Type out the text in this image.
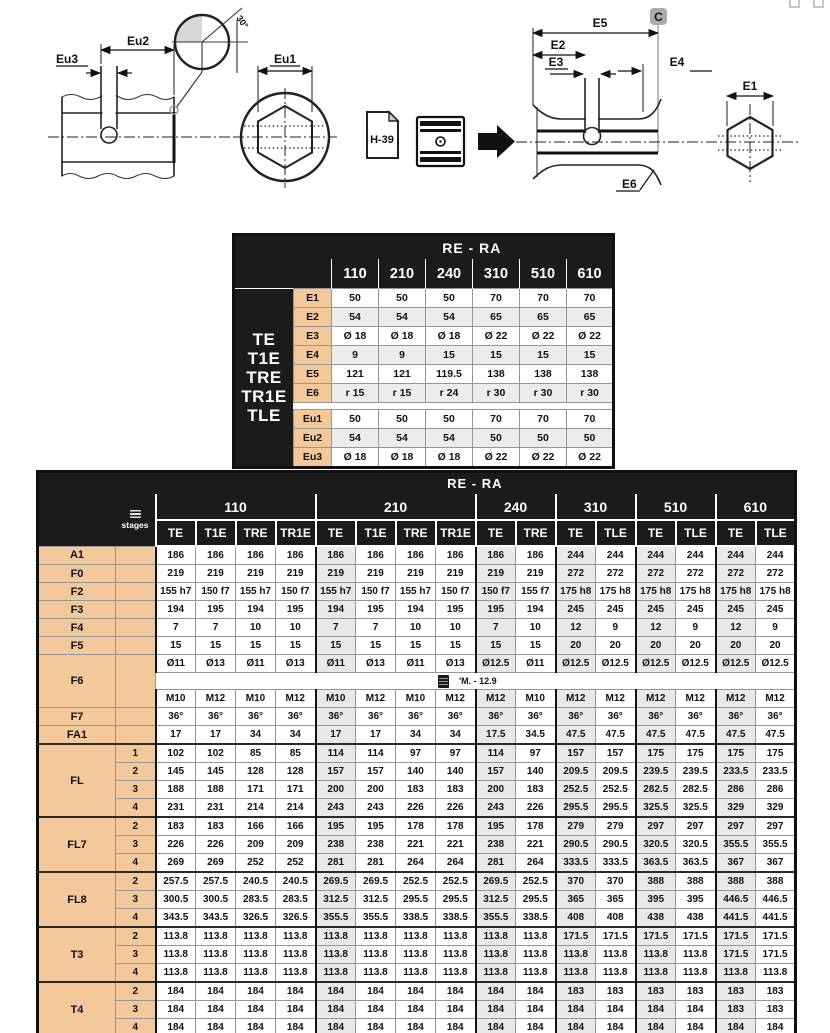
Eu2
Eu3
30°
Eu1
H-39
C
E5
E2
E3	E4
E6
E1
		RE - RA					
		110	210	240	310	510	610

TE
T1E
TRE
TR1E
TLE	E1	50	50	50	70	70	70
	E2	54	54	54	65	65	65
	E3	Ø 18	Ø 18	Ø 18	Ø 22	Ø 22	Ø 22
	E4	9	9	15	15	15	15
	E5	121	121	119.5	138	138	138
	E6	r 15	r 15	r 24	r 30	r 30	r 30

	Eu1	50	50	50	70	70	70
	Eu2	54	54	54	50	50	50
	Eu3	Ø 18	Ø 18	Ø 18	Ø 22	Ø 22	Ø 22
		RE - RA															

stages	110				210				240		310		510		610	
		TE	T1E	TRE	TR1E	TE	T1E	TRE	TR1E	TE	TRE	TE	TLE	TE	TLE	TE	TLE
A1		186	186	186	186	186	186	186	186	186	186	244	244	244	244	244	244
F0		219	219	219	219	219	219	219	219	219	219	272	272	272	272	272	272
F2		155 h7	150 f7	155 h7	150 f7	155 h7	150 f7	155 h7	150 f7	150 f7	155 f7	175 h8	175 h8	175 h8	175 h8	175 h8	175 h8
F3		194	195	194	195	194	195	194	195	195	194	245	245	245	245	245	245
F4		7	7	10	10	7	7	10	10	7	10	12	9	12	9	12	9
F5		15	15	15	15	15	15	15	15	15	15	20	20	20	20	20	20
F6		Ø11	Ø13	Ø11	Ø13	Ø11	Ø13	Ø11	Ø13	Ø12.5	Ø11	Ø12.5	Ø12.5	Ø12.5	Ø12.5	Ø12.5	Ø12.5
		'M. - 12.9															
		M10	M12	M10	M12	M10	M12	M10	M12	M12	M10	M12	M12	M12	M12	M12	M12
F7		36°	36°	36°	36°	36°	36°	36°	36°	36°	36°	36°	36°	36°	36°	36°	36°
FA1		17	17	34	34	17	17	34	34	17.5	34.5	47.5	47.5	47.5	47.5	47.5	47.5
FL	1	102	102	85	85	114	114	97	97	114	97	157	157	175	175	175	175
	2	145	145	128	128	157	157	140	140	157	140	209.5	209.5	239.5	239.5	233.5	233.5
	3	188	188	171	171	200	200	183	183	200	183	252.5	252.5	282.5	282.5	286	286
	4	231	231	214	214	243	243	226	226	243	226	295.5	295.5	325.5	325.5	329	329
FL7	2	183	183	166	166	195	195	178	178	195	178	279	279	297	297	297	297
	3	226	226	209	209	238	238	221	221	238	221	290.5	290.5	320.5	320.5	355.5	355.5
	4	269	269	252	252	281	281	264	264	281	264	333.5	333.5	363.5	363.5	367	367
FL8	2	257.5	257.5	240.5	240.5	269.5	269.5	252.5	252.5	269.5	252.5	370	370	388	388	388	388
	3	300.5	300.5	283.5	283.5	312.5	312.5	295.5	295.5	312.5	295.5	365	365	395	395	446.5	446.5
	4	343.5	343.5	326.5	326.5	355.5	355.5	338.5	338.5	355.5	338.5	408	408	438	438	441.5	441.5
T3	2	113.8	113.8	113.8	113.8	113.8	113.8	113.8	113.8	113.8	113.8	171.5	171.5	171.5	171.5	171.5	171.5
	3	113.8	113.8	113.8	113.8	113.8	113.8	113.8	113.8	113.8	113.8	113.8	113.8	113.8	113.8	171.5	171.5
	4	113.8	113.8	113.8	113.8	113.8	113.8	113.8	113.8	113.8	113.8	113.8	113.8	113.8	113.8	113.8	113.8
T4	2	184	184	184	184	184	184	184	184	184	184	183	183	183	183	183	183
	3	184	184	184	184	184	184	184	184	184	184	184	184	184	184	183	183
	4	184	184	184	184	184	184	184	184	184	184	184	184	184	184	184	184
